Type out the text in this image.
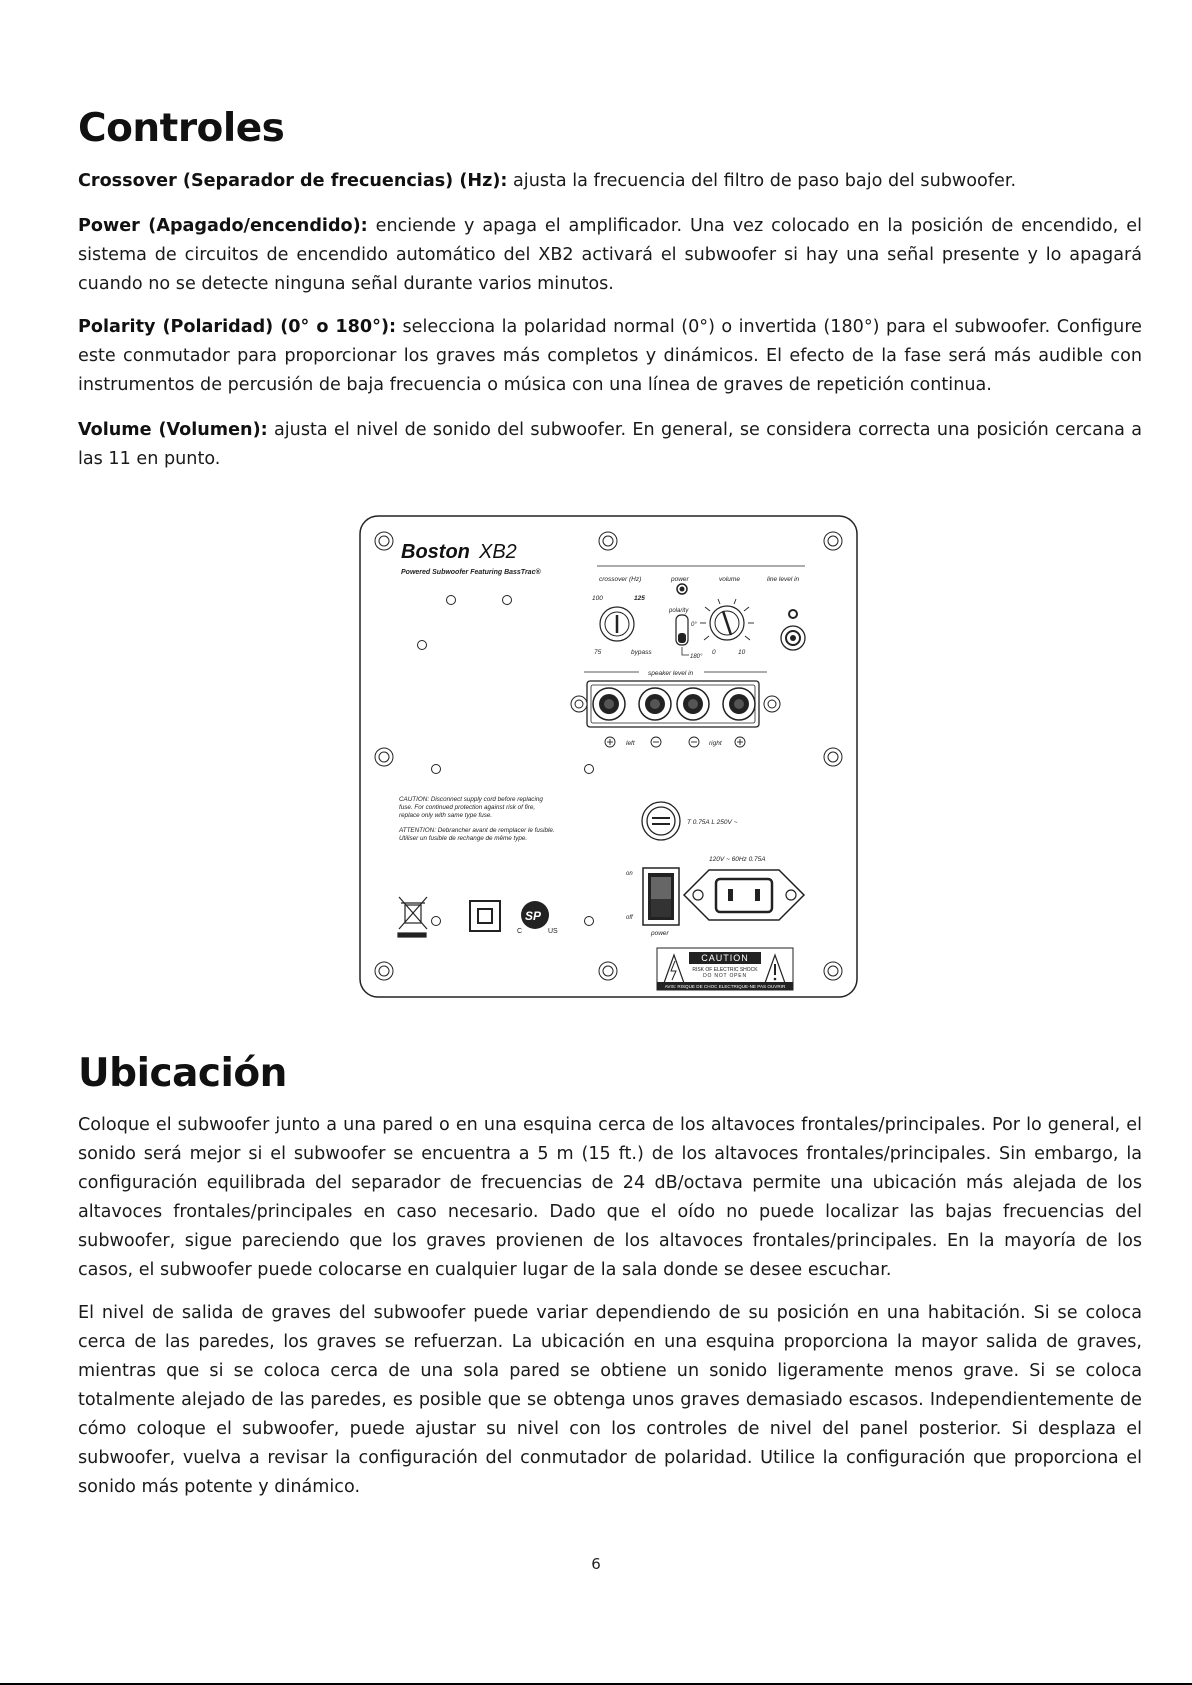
Controles

Crossover (Separador de frecuencias) (Hz): ajusta la frecuencia del filtro de paso bajo del subwoofer.

Power (Apagado/encendido): enciende y apaga el amplificador. Una vez colocado en la posición de encendido, el sistema de circuitos de encendido automático del XB2 activará el subwoofer si hay una señal presente y lo apagará cuando no se detecte ninguna señal durante varios minutos.

Polarity (Polaridad) (0° o 180°): selecciona la polaridad normal (0°) o invertida (180°) para el subwoofer. Configure este conmutador para proporcionar los graves más completos y dinámicos. El efecto de la fase será más audible con instrumentos de percusión de baja frecuencia o música con una línea de graves de repetición continua.

Volume (Volumen): ajusta el nivel de sonido del subwoofer. En general, se considera correcta una posición cercana a las 11 en punto.

Ubicación

Coloque el subwoofer junto a una pared o en una esquina cerca de los altavoces frontales/principales. Por lo general, el sonido será mejor si el subwoofer se encuentra a 5 m (15 ft.) de los altavoces frontales/principales. Sin embargo, la configuración equilibrada del separador de frecuencias de 24 dB/octava permite una ubicación más alejada de los altavoces frontales/principales en caso necesario. Dado que el oído no puede localizar las bajas frecuencias del subwoofer, sigue pareciendo que los graves provienen de los altavoces frontales/principales. En la mayoría de los casos, el subwoofer puede colocarse en cualquier lugar de la sala donde se desee escuchar.

El nivel de salida de graves del subwoofer puede variar dependiendo de su posición en una habitación. Si se coloca cerca de las paredes, los graves se refuerzan. La ubicación en una esquina proporciona la mayor salida de graves, mientras que si se coloca cerca de una sola pared se obtiene un sonido ligeramente menos grave. Si se coloca totalmente alejado de las paredes, es posible que se obtenga unos graves demasiado escasos. Independientemente de cómo coloque el subwoofer, puede ajustar su nivel con los controles de nivel del panel posterior. Si desplaza el subwoofer, vuelva a revisar la configuración del conmutador de polaridad. Utilice la configuración que proporciona el sonido más potente y dinámico.

Boston XB2
Powered Subwoofer Featuring BassTrac®
crossover (Hz)	power	volume	line level in
100	125
75	bypass
polarity
0°
180°
0	10
speaker level in
left	right
CAUTION: Disconnect supply cord before replacing
fuse. For continued protection against risk of fire,
replace only with same type fuse.
ATTENTION: Debrancher avant de remplacer le fusible.
Utiliser un fusible de rechange de même type.
T 0.75A L 250V ~
120V ~ 60Hz 0.75A
on
off
power
SP
C	US
CAUTION
RISK OF ELECTRIC SHOCK
DO NOT OPEN
AVIS: RISQUE DE CHOC ELECTRIQUE-NE PAS OUVRIR
6
